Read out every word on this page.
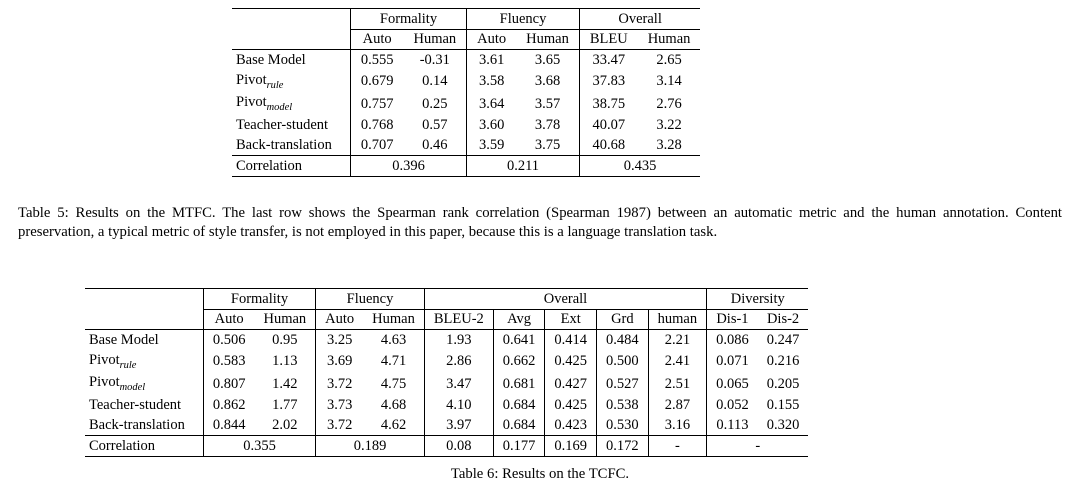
	Formality		Fluency		Overall	
	Auto	Human	Auto	Human	BLEU	Human
Base Model	0.555	-0.31	3.61	3.65	33.47	2.65
Pivot$_{rule}$	0.679	0.14	3.58	3.68	37.83	3.14
Pivot$_{model}$	0.757	0.25	3.64	3.57	38.75	2.76
Teacher-student	0.768	0.57	3.60	3.78	40.07	3.22
Back-translation	0.707	0.46	3.59	3.75	40.68	3.28
Correlation	0.396		0.211		0.435	
Table 5: Results on the MTFC. The last row shows the Spearman rank correlation (Spearman 1987) between an automatic metric and the human annotation. Content preservation, a typical metric of style transfer, is not employed in this paper, because this is a language translation task.
	Formality		Fluency		Overall					Diversity	
	Auto	Human	Auto	Human	BLEU-2	Avg	Ext	Grd	human	Dis-1	Dis-2
Base Model	0.506	0.95	3.25	4.63	1.93	0.641	0.414	0.484	2.21	0.086	0.247
Pivot$_{rule}$	0.583	1.13	3.69	4.71	2.86	0.662	0.425	0.500	2.41	0.071	0.216
Pivot$_{model}$	0.807	1.42	3.72	4.75	3.47	0.681	0.427	0.527	2.51	0.065	0.205
Teacher-student	0.862	1.77	3.73	4.68	4.10	0.684	0.425	0.538	2.87	0.052	0.155
Back-translation	0.844	2.02	3.72	4.62	3.97	0.684	0.423	0.530	3.16	0.113	0.320
Correlation	0.355		0.189		0.08	0.177	0.169	0.172	-	-	
Table 6: Results on the TCFC.
